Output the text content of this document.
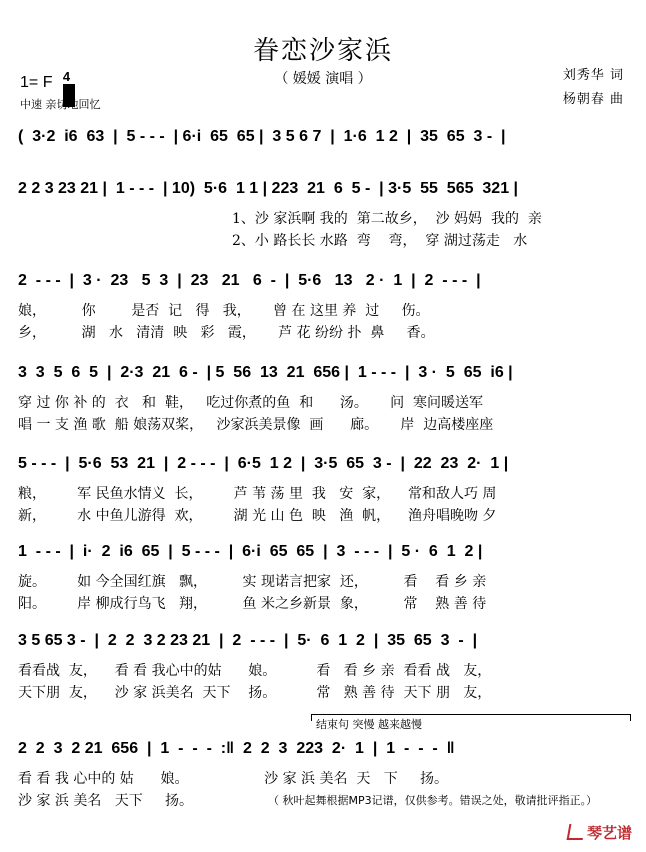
眷恋沙家浜
（ 媛媛 演唱 ）
1= F 4
中速 亲切地回忆
刘秀华 词
杨朝春 曲
(  3·2  i6  63  |  5 - - -  | 6·i  65  65 |  3 5 6 7  |  1·6  1 2  |  35  65  3 -  |
2 2 3 23 21 |  1 - - -  | 10)  5·6  1 1 | 223  21  6  5 -  | 3·5  55  565  321 |
1、沙 家浜啊 我的  第二故乡，  沙 妈妈  我的  亲
2、小 路长长 水路  弯    弯，  穿 湖过荡走   水
2  - - -  |  3 ·  23   5  3  |  23   21   6  -  |  5·6   13   2 ·  1  |  2  - - -  |
娘，        你        是否  记   得   我，     曾 在 这里 养  过     伤。
乡，        湖   水   清清  映   彩   霞，     芦 花 纷纷 扑  鼻     香。
3  3  5  6  5  |  2·3  21  6 -  | 5  56  13  21  656 |  1 - - -  |  3 ·  5  65  i6 |
穿 过 你 补 的  衣   和  鞋，   吃过你煮的鱼  和      汤。     问  寒问暖送军
唱 一 支 渔 歌  船 娘荡双桨，   沙家浜美景像  画      廊。     岸  边高楼座座
5 - - -  |  5·6  53  21  |  2 - - -  |  6·5  1 2  |  3·5  65  3 -  |  22  23  2·  1 |
粮，       军 民鱼水情义  长，       芦 苇 荡 里  我   安  家，    常和敌人巧 周
新，       水 中鱼儿游得  欢，       湖 光 山 色  映   渔  帆，    渔舟唱晚吻 夕
1  - - -  |  i·  2  i6  65  |  5 - - -  |  6·i  65  65  |  3  - - -  |  5 ·  6  1  2 |
旋。       如 今全国红旗   飘，        实 现诺言把家  还，        看    看 乡 亲
阳。       岸 柳成行鸟飞   翔，        鱼 米之乡新景  象，        常    熟 善 待
3 5 65 3 -  |  2  2  3 2 23 21  |  2  - - -  |  5·  6  1  2  |  35  65  3  -  |
看看战  友，    看 看 我心中的姑      娘。         看   看 乡 亲  看看 战   友，
天下朋  友，    沙 家 浜美名  天下    扬。         常   熟 善 待  天下 朋   友，
结束句 突慢 越来越慢
2  2  3  2 21  656  |  1  -  -  -  :‖  2  2  3  223  2·  1  |  1  -  -  -  ‖
看 看 我 心中的 姑      娘。                 沙 家 浜 美名  天   下     扬。
沙 家 浜 美名   天下     扬。	（ 秋叶起舞根据MP3记谱，仅供参考。错误之处，敬请批评指正。）
琴艺谱
